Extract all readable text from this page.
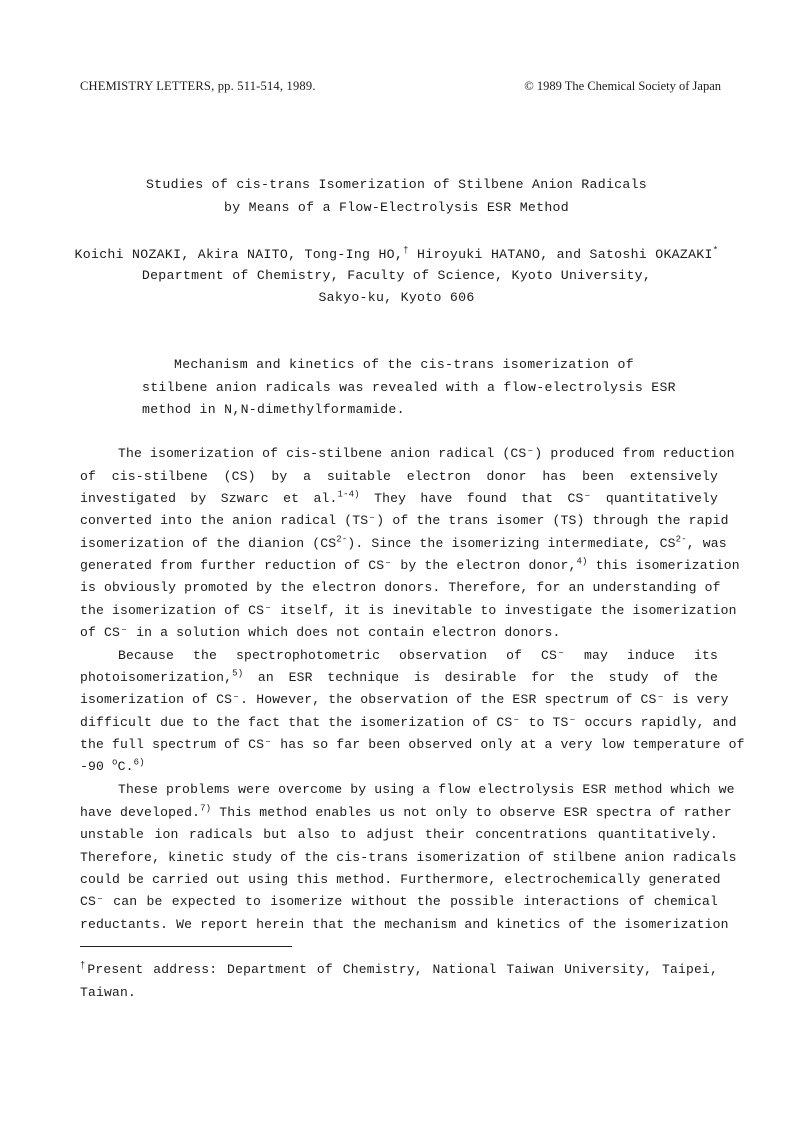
CHEMISTRY LETTERS, pp. 511-514, 1989.	© 1989 The Chemical Society of Japan
Studies of cis-trans Isomerization of Stilbene Anion Radicals
by Means of a Flow-Electrolysis ESR Method
Koichi NOZAKI, Akira NAITO, Tong-Ing HO,† Hiroyuki HATANO, and Satoshi OKAZAKI*
Department of Chemistry, Faculty of Science, Kyoto University,
Sakyo-ku, Kyoto 606
Mechanism and kinetics of the cis-trans isomerization of
stilbene anion radicals was revealed with a flow-electrolysis ESR
method in N,N-dimethylformamide.
The isomerization of cis-stilbene anion radical (CS⁻) produced from reduction
of cis-stilbene (CS) by a suitable electron donor has been extensively
investigated by Szwarc et al.$^{1-4)}$ They have found that CS⁻ quantitatively
converted into the anion radical (TS⁻) of the trans isomer (TS) through the rapid
isomerization of the dianion $(CS^{2-})$. Since the isomerizing intermediate, $CS^{2-}$, was
generated from further reduction of CS⁻ by the electron donor,$^{4)}$ this isomerization
is obviously promoted by the electron donors. Therefore, for an understanding of
the isomerization of CS⁻ itself, it is inevitable to investigate the isomerization
of CS⁻ in a solution which does not contain electron donors.
Because the spectrophotometric observation of CS⁻ may induce its
photoisomerization,$^{5)}$ an ESR technique is desirable for the study of the
isomerization of CS⁻. However, the observation of the ESR spectrum of CS⁻ is very
difficult due to the fact that the isomerization of CS⁻ to TS⁻ occurs rapidly, and
the full spectrum of CS⁻ has so far been observed only at a very low temperature of
-90 $^o$C.$^{6)}$
These problems were overcome by using a flow electrolysis ESR method which we
have developed.$^{7)}$ This method enables us not only to observe ESR spectra of rather
unstable ion radicals but also to adjust their concentrations quantitatively.
Therefore, kinetic study of the cis-trans isomerization of stilbene anion radicals
could be carried out using this method. Furthermore, electrochemically generated
CS⁻ can be expected to isomerize without the possible interactions of chemical
reductants. We report herein that the mechanism and kinetics of the isomerization
†Present address: Department of Chemistry, National Taiwan University, Taipei,
Taiwan.
